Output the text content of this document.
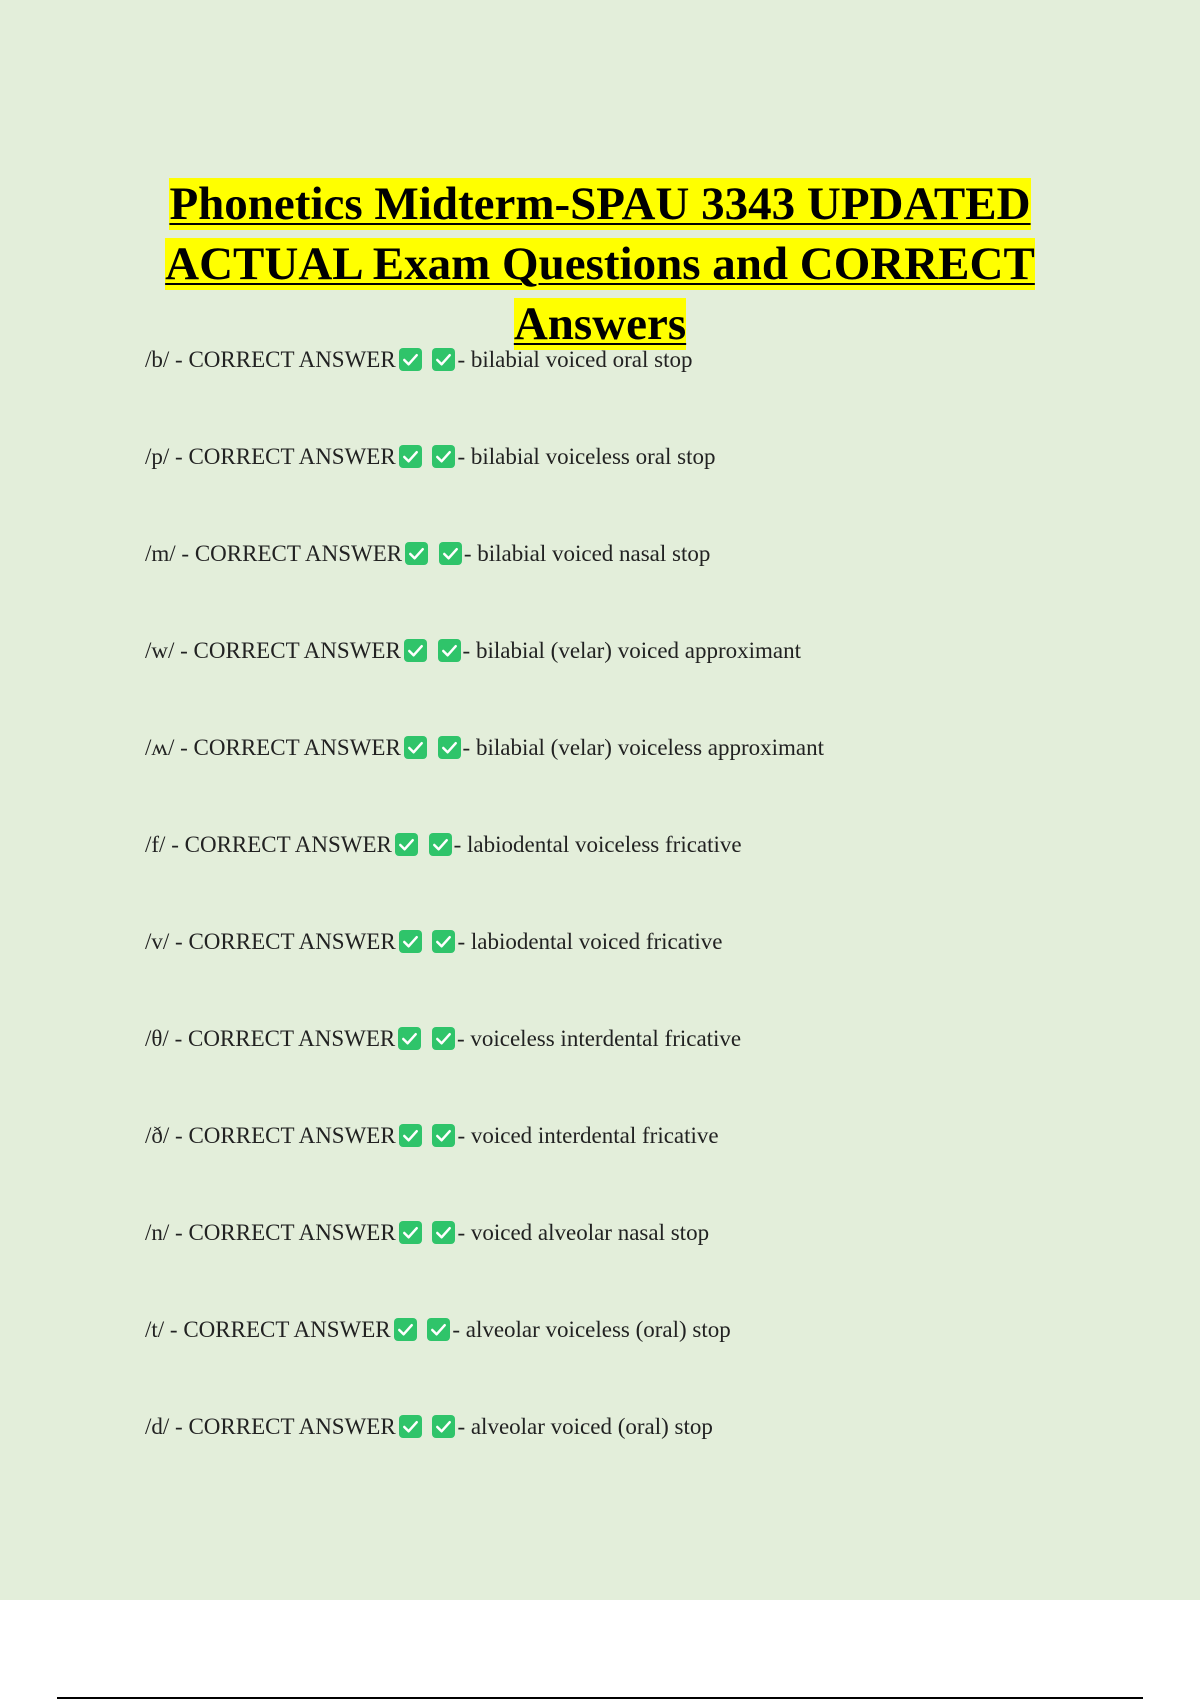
Phonetics Midterm-SPAU 3343 UPDATED ACTUAL Exam Questions and CORRECT Answers
/b/ - CORRECT ANSWER
	- bilabial voiced oral stop
/p/ - CORRECT ANSWER
	- bilabial voiceless oral stop
/m/ - CORRECT ANSWER
	- bilabial voiced nasal stop
/w/ - CORRECT ANSWER
	- bilabial (velar) voiced approximant
/ʍ/ - CORRECT ANSWER
	- bilabial (velar) voiceless approximant
/f/ - CORRECT ANSWER
	- labiodental voiceless fricative
/v/ - CORRECT ANSWER
	- labiodental voiced fricative
/θ/ - CORRECT ANSWER
	- voiceless interdental fricative
/ð/ - CORRECT ANSWER
	- voiced interdental fricative
/n/ - CORRECT ANSWER
	- voiced alveolar nasal stop
/t/ - CORRECT ANSWER
	- alveolar voiceless (oral) stop
/d/ - CORRECT ANSWER
	- alveolar voiced (oral) stop
